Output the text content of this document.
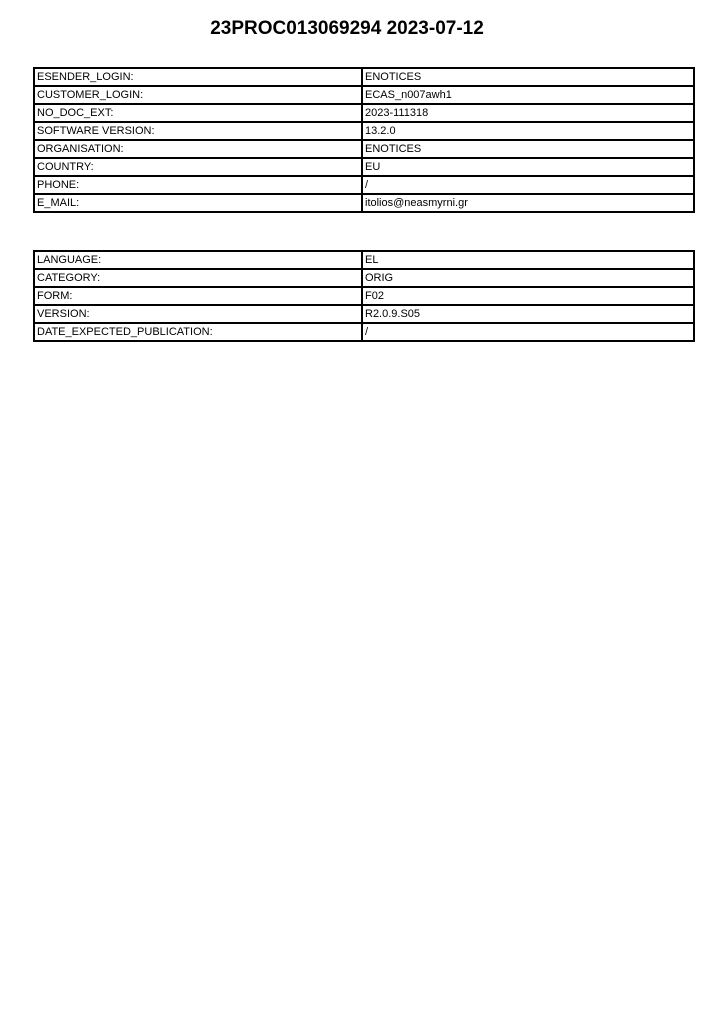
23PROC013069294 2023-07-12
ESENDER_LOGIN:	ENOTICES
CUSTOMER_LOGIN:	ECAS_n007awh1
NO_DOC_EXT:	2023-111318
SOFTWARE VERSION:	13.2.0
ORGANISATION:	ENOTICES
COUNTRY:	EU
PHONE:	/
E_MAIL:	itolios@neasmyrni.gr
LANGUAGE:	EL
CATEGORY:	ORIG
FORM:	F02
VERSION:	R2.0.9.S05
DATE_EXPECTED_PUBLICATION:	/
